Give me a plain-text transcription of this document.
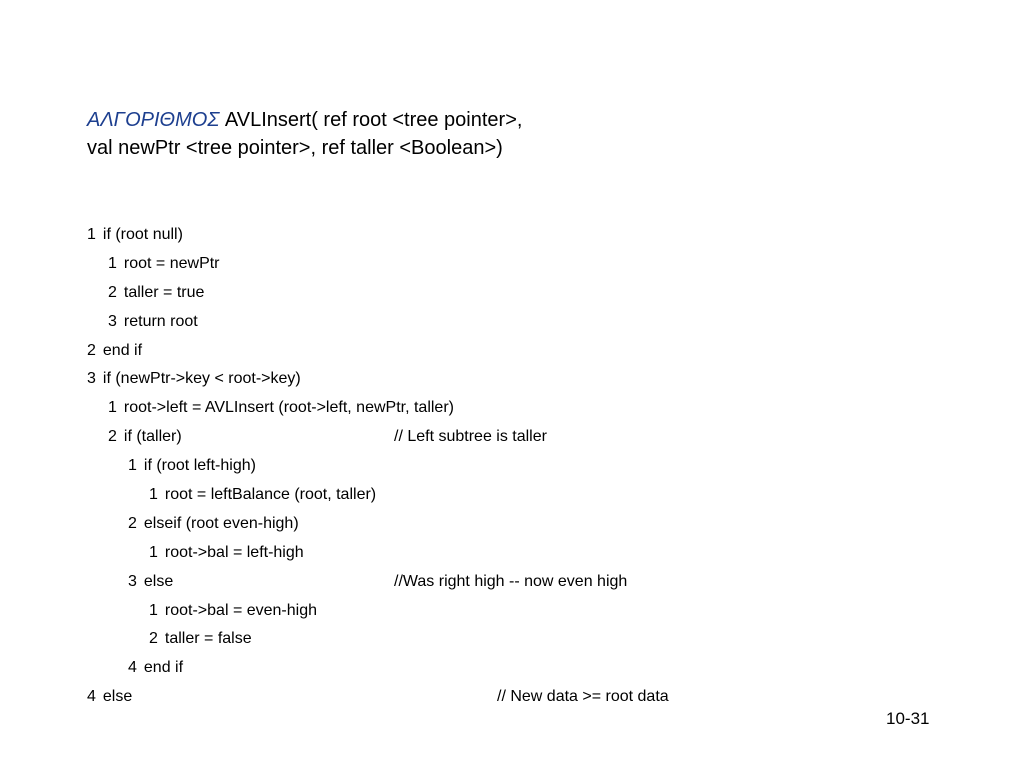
ΑΛΓΟΡΙΘΜΟΣ AVLInsert( ref root <tree pointer>,
val newPtr <tree pointer>, ref taller <Boolean>)
1 if (root null)
1 root = newPtr
2 taller = true
3 return root
2 end if
3 if (newPtr->key < root->key)
1 root->left = AVLInsert (root->left, newPtr, taller)
2 if (taller)	// Left subtree is taller
1 if (root left-high)
1 root = leftBalance (root, taller)
2 elseif (root even-high)
1 root->bal = left-high
3 else	//Was right high -- now even high
1 root->bal = even-high
2 taller = false
4 end if
4 else	// New data >= root data
10-31
